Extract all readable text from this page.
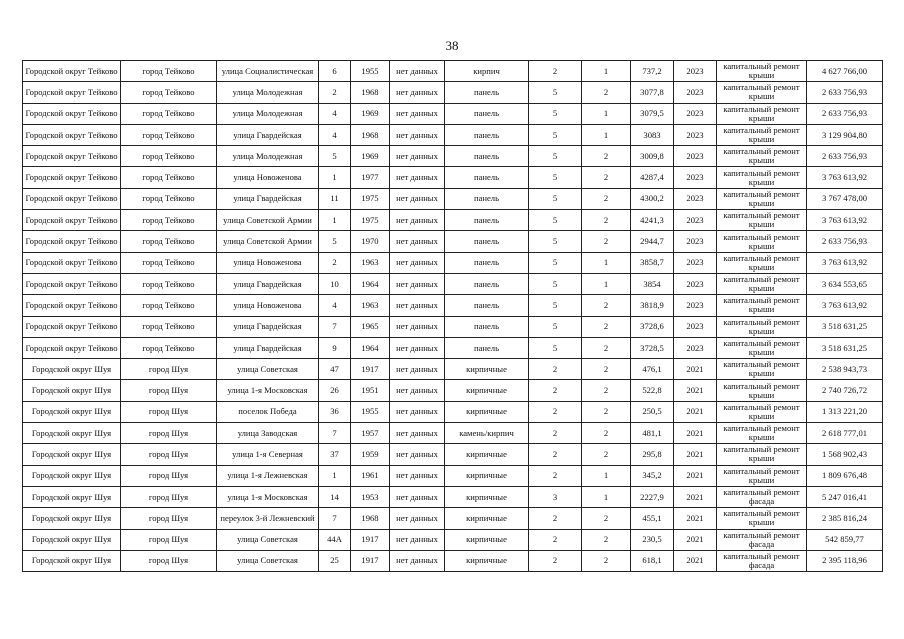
38
Городской округ Тейково	город Тейково	улица Социалистическая	6	1955	нет данных	кирпич	2	1	737,2	2023	капитальный ремонт крыши	4 627 766,00
Городской округ Тейково	город Тейково	улица Молодежная	2	1968	нет данных	панель	5	2	3077,8	2023	капитальный ремонт крыши	2 633 756,93
Городской округ Тейково	город Тейково	улица Молодежная	4	1969	нет данных	панель	5	1	3079,5	2023	капитальный ремонт крыши	2 633 756,93
Городской округ Тейково	город Тейково	улица Гвардейская	4	1968	нет данных	панель	5	1	3083	2023	капитальный ремонт крыши	3 129 904,80
Городской округ Тейково	город Тейково	улица Молодежная	5	1969	нет данных	панель	5	2	3009,8	2023	капитальный ремонт крыши	2 633 756,93
Городской округ Тейково	город Тейково	улица Новоженова	1	1977	нет данных	панель	5	2	4287,4	2023	капитальный ремонт крыши	3 763 613,92
Городской округ Тейково	город Тейково	улица Гвардейская	11	1975	нет данных	панель	5	2	4300,2	2023	капитальный ремонт крыши	3 767 478,00
Городской округ Тейково	город Тейково	улица Советской Армии	1	1975	нет данных	панель	5	2	4241,3	2023	капитальный ремонт крыши	3 763 613,92
Городской округ Тейково	город Тейково	улица Советской Армии	5	1970	нет данных	панель	5	2	2944,7	2023	капитальный ремонт крыши	2 633 756,93
Городской округ Тейково	город Тейково	улица Новоженова	2	1963	нет данных	панель	5	1	3858,7	2023	капитальный ремонт крыши	3 763 613,92
Городской округ Тейково	город Тейково	улица Гвардейская	10	1964	нет данных	панель	5	1	3854	2023	капитальный ремонт крыши	3 634 553,65
Городской округ Тейково	город Тейково	улица Новоженова	4	1963	нет данных	панель	5	2	3818,9	2023	капитальный ремонт крыши	3 763 613,92
Городской округ Тейково	город Тейково	улица Гвардейская	7	1965	нет данных	панель	5	2	3728,6	2023	капитальный ремонт крыши	3 518 631,25
Городской округ Тейково	город Тейково	улица Гвардейская	9	1964	нет данных	панель	5	2	3728,5	2023	капитальный ремонт крыши	3 518 631,25
Городской округ Шуя	город Шуя	улица Советская	47	1917	нет данных	кирпичные	2	2	476,1	2021	капитальный ремонт крыши	2 538 943,73
Городской округ Шуя	город Шуя	улица 1-я Московская	26	1951	нет данных	кирпичные	2	2	522,8	2021	капитальный ремонт крыши	2 740 726,72
Городской округ Шуя	город Шуя	поселок Победа	36	1955	нет данных	кирпичные	2	2	250,5	2021	капитальный ремонт крыши	1 313 221,20
Городской округ Шуя	город Шуя	улица Заводская	7	1957	нет данных	камень/кирпич	2	2	481,1	2021	капитальный ремонт крыши	2 618 777,01
Городской округ Шуя	город Шуя	улица 1-я Северная	37	1959	нет данных	кирпичные	2	2	295,8	2021	капитальный ремонт крыши	1 568 902,43
Городской округ Шуя	город Шуя	улица 1-я Лежневская	1	1961	нет данных	кирпичные	2	1	345,2	2021	капитальный ремонт крыши	1 809 676,48
Городской округ Шуя	город Шуя	улица 1-я Московская	14	1953	нет данных	кирпичные	3	1	2227,9	2021	капитальный ремонт фасада	5 247 016,41
Городской округ Шуя	город Шуя	переулок 3-й Лежневский	7	1968	нет данных	кирпичные	2	2	455,1	2021	капитальный ремонт крыши	2 385 816,24
Городской округ Шуя	город Шуя	улица Советская	44А	1917	нет данных	кирпичные	2	2	230,5	2021	капитальный ремонт фасада	542 859,77
Городской округ Шуя	город Шуя	улица Советская	25	1917	нет данных	кирпичные	2	2	618,1	2021	капитальный ремонт фасада	2 395 118,96
